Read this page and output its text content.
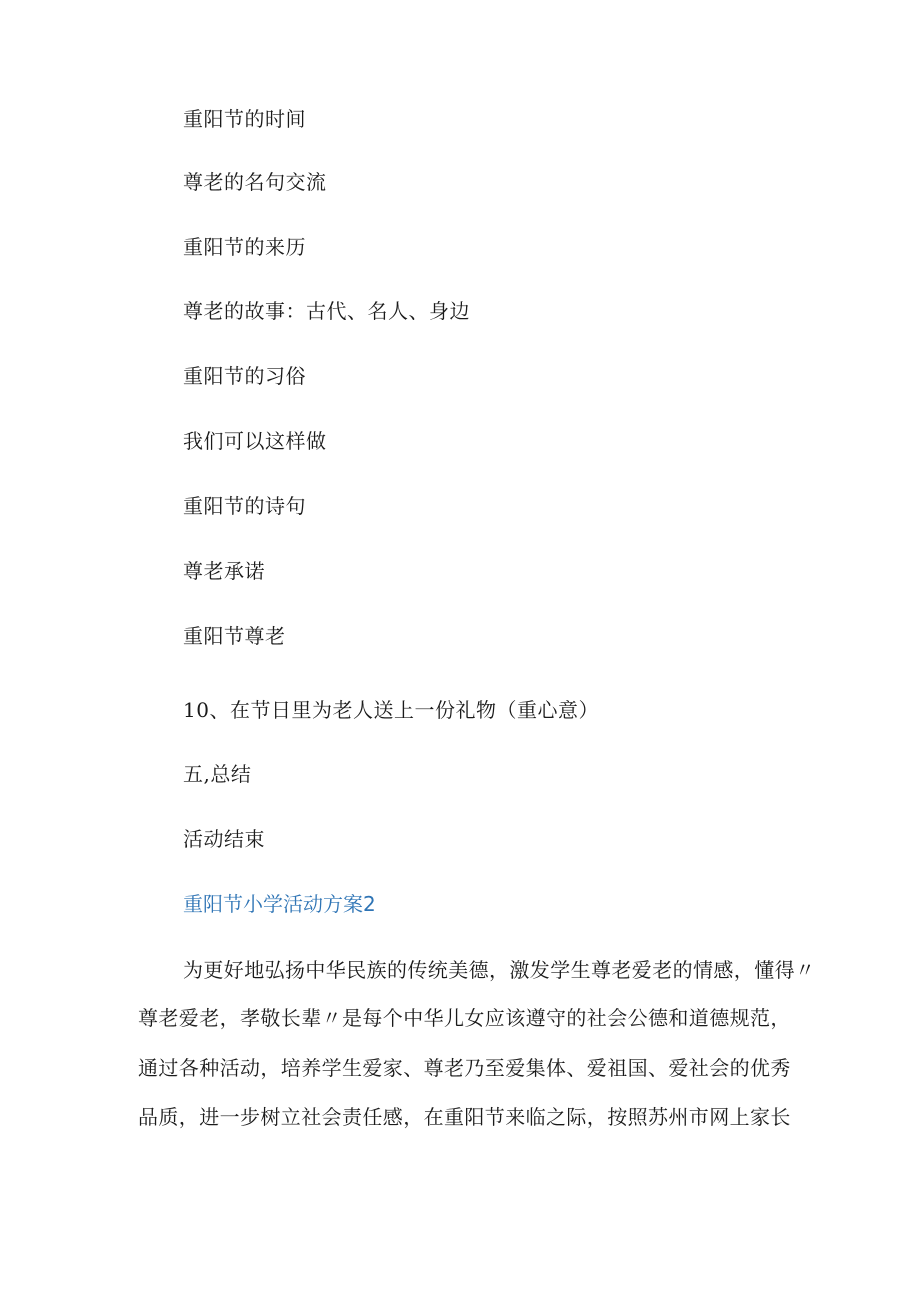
重阳节的时间
尊老的名句交流
重阳节的来历
尊老的故事：古代、名人、身边
重阳节的习俗
我们可以这样做
重阳节的诗句
尊老承诺
重阳节尊老
10、在节日里为老人送上一份礼物（重心意）
五,总结
活动结束
重阳节小学活动方案2
为更好地弘扬中华民族的传统美德，激发学生尊老爱老的情感，懂得〃
尊老爱老，孝敬长辈〃是每个中华儿女应该遵守的社会公德和道德规范，
通过各种活动，培养学生爱家、尊老乃至爱集体、爱祖国、爱社会的优秀
品质，进一步树立社会责任感，在重阳节来临之际，按照苏州市网上家长
